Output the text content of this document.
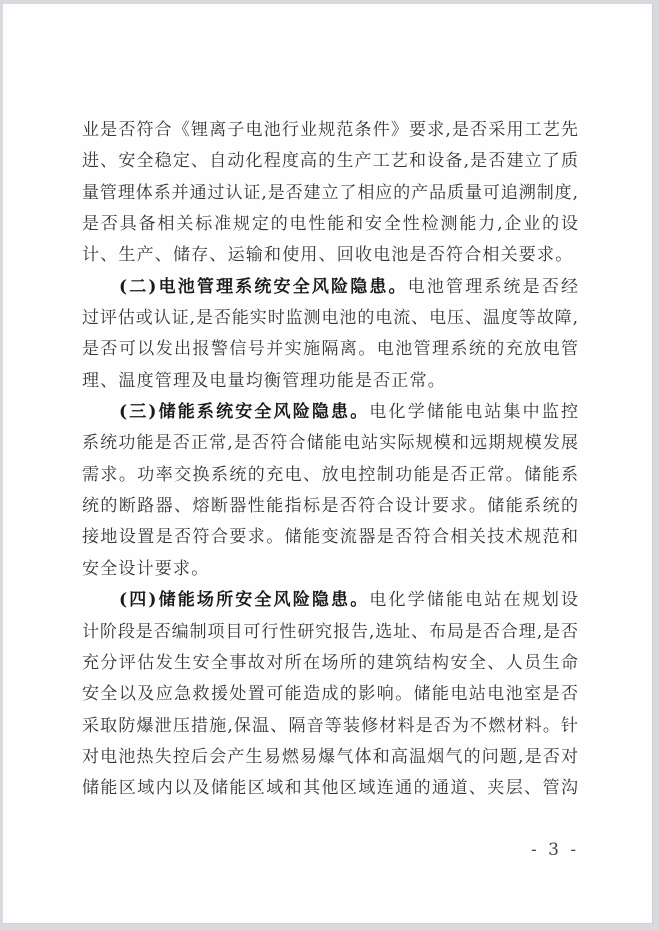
业是否符合《锂离子电池行业规范条件》要求,是否采用工艺先
进、安全稳定、自动化程度高的生产工艺和设备,是否建立了质
量管理体系并通过认证,是否建立了相应的产品质量可追溯制度,
是否具备相关标准规定的电性能和安全性检测能力,企业的设
计、生产、储存、运输和使用、回收电池是否符合相关要求。
(二)电池管理系统安全风险隐患。电池管理系统是否经
过评估或认证,是否能实时监测电池的电流、电压、温度等故障,
是否可以发出报警信号并实施隔离。电池管理系统的充放电管
理、温度管理及电量均衡管理功能是否正常。
(三)储能系统安全风险隐患。电化学储能电站集中监控
系统功能是否正常,是否符合储能电站实际规模和远期规模发展
需求。功率交换系统的充电、放电控制功能是否正常。储能系
统的断路器、熔断器性能指标是否符合设计要求。储能系统的
接地设置是否符合要求。储能变流器是否符合相关技术规范和
安全设计要求。
(四)储能场所安全风险隐患。电化学储能电站在规划设
计阶段是否编制项目可行性研究报告,选址、布局是否合理,是否
充分评估发生安全事故对所在场所的建筑结构安全、人员生命
安全以及应急救援处置可能造成的影响。储能电站电池室是否
采取防爆泄压措施,保温、隔音等装修材料是否为不燃材料。针
对电池热失控后会产生易燃易爆气体和高温烟气的问题,是否对
储能区域内以及储能区域和其他区域连通的通道、夹层、管沟
- 3 -
